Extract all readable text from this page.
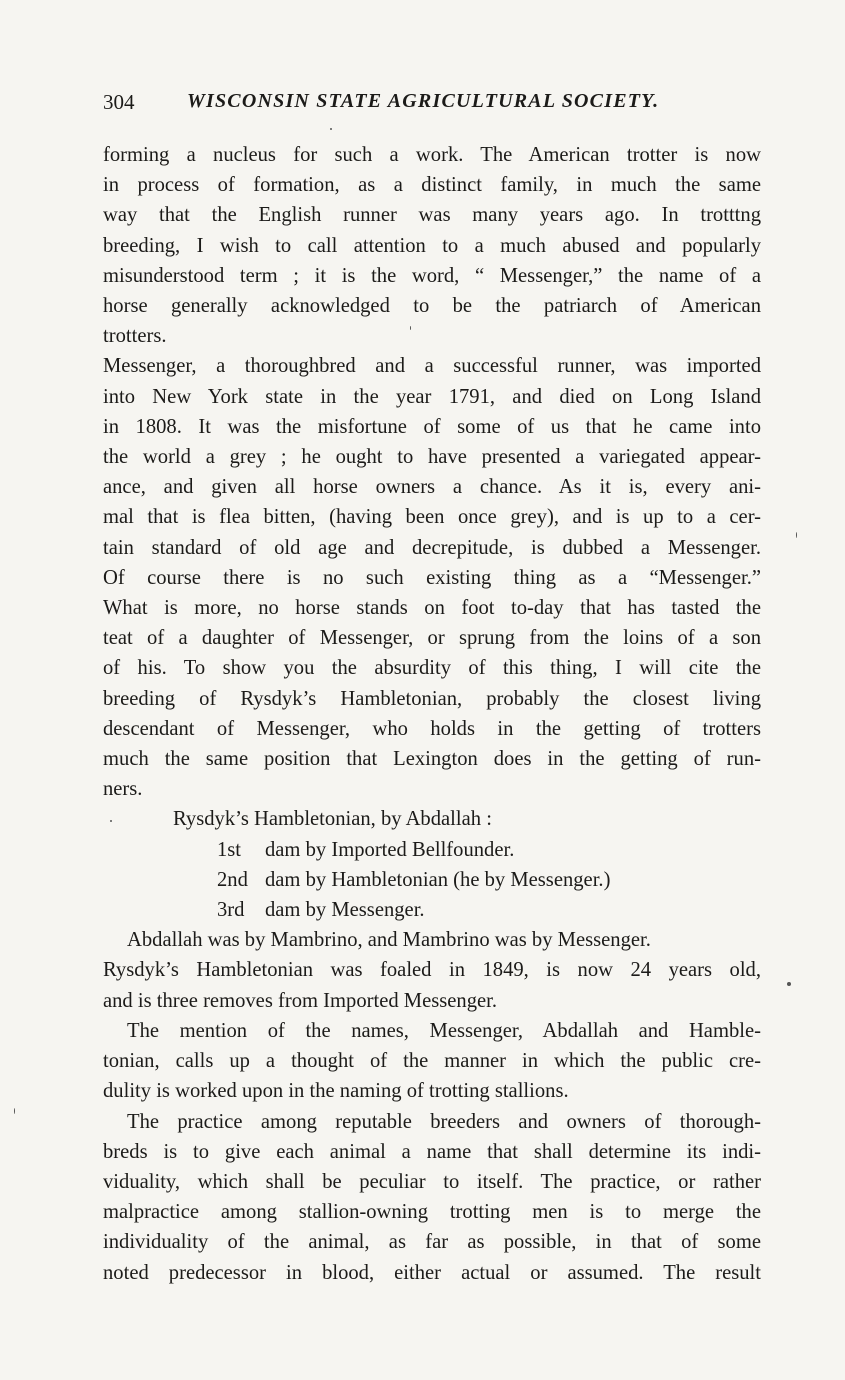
304	WISCONSIN STATE AGRICULTURAL SOCIETY.
forming a nucleus for such a work. The American trotter is now
in process of formation, as a distinct family, in much the same
way that the English runner was many years ago. In trotttng
breeding, I wish to call attention to a much abused and popularly
misunderstood term ; it is the word, “ Messenger,” the name of a
horse generally acknowledged to be the patriarch of American
trotters.
Messenger, a thoroughbred and a successful runner, was imported
into New York state in the year 1791, and died on Long Island
in 1808. It was the misfortune of some of us that he came into
the world a grey ; he ought to have presented a variegated appear-
ance, and given all horse owners a chance. As it is, every ani-
mal that is flea bitten, (having been once grey), and is up to a cer-
tain standard of old age and decrepitude, is dubbed a Messenger.
Of course there is no such existing thing as a “Messenger.”
What is more, no horse stands on foot to-day that has tasted the
teat of a daughter of Messenger, or sprung from the loins of a son
of his. To show you the absurdity of this thing, I will cite the
breeding of Rysdyk’s Hambletonian, probably the closest living
descendant of Messenger, who holds in the getting of trotters
much the same position that Lexington does in the getting of run-
ners.
Rysdyk’s Hambletonian, by Abdallah :
1st dam by Imported Bellfounder.
2nd dam by Hambletonian (he by Messenger.)
3rd dam by Messenger.
Abdallah was by Mambrino, and Mambrino was by Messenger.
Rysdyk’s Hambletonian was foaled in 1849, is now 24 years old,
and is three removes from Imported Messenger.
The mention of the names, Messenger, Abdallah and Hamble-
tonian, calls up a thought of the manner in which the public cre-
dulity is worked upon in the naming of trotting stallions.
The practice among reputable breeders and owners of thorough-
breds is to give each animal a name that shall determine its indi-
viduality, which shall be peculiar to itself. The practice, or rather
malpractice among stallion-owning trotting men is to merge the
individuality of the animal, as far as possible, in that of some
noted predecessor in blood, either actual or assumed. The result
